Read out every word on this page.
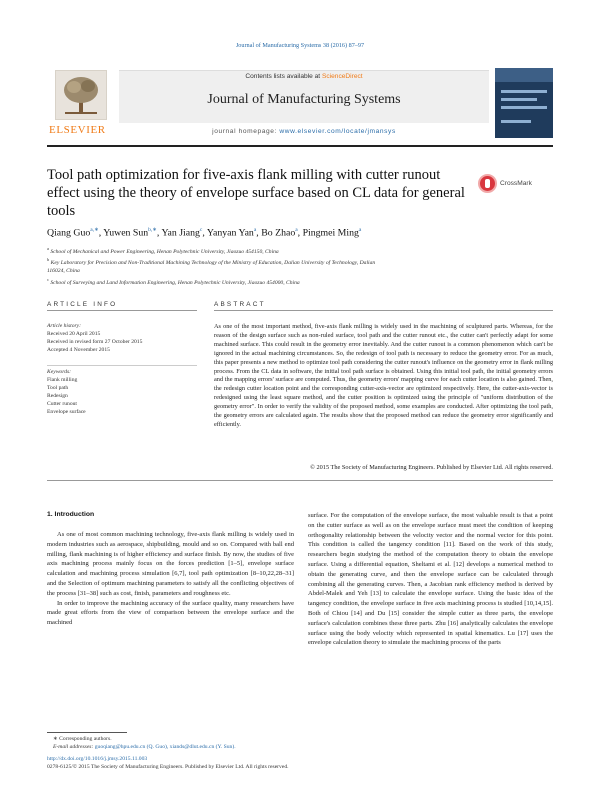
Journal of Manufacturing Systems 38 (2016) 87–97
ELSEVIER
Contents lists available at ScienceDirect
Journal of Manufacturing Systems
journal homepage: www.elsevier.com/locate/jmansys
Tool path optimization for five-axis flank milling with cutter runout effect using the theory of envelope surface based on CL data for general tools
CrossMark
Qiang Guo$^{a,∗}$, Yuwen Sun$^{b,∗}$, Yan Jiang$^c$, Yanyan Yan$^a$, Bo Zhao$^a$, Pingmei Ming$^a$
$^a$ School of Mechanical and Power Engineering, Henan Polytechnic University, Jiaozuo 454150, China
$^b$ Key Laboratory for Precision and Non-Traditional Machining Technology of the Ministry of Education, Dalian University of Technology, Dalian 116024, China
$^c$ School of Surveying and Land Information Engineering, Henan Polytechnic University, Jiaozuo 454000, China
ARTICLE INFO	ABSTRACT
Article history:
Received 20 April 2015
Received in revised form 27 October 2015
Accepted 4 November 2015
Keywords:
Flank milling
Tool path
Redesign
Cutter runout
Envelope surface
As one of the most important method, five-axis flank milling is widely used in the machining of sculptured parts. Whereas, for the reason of the design surface such as non-ruled surface, tool path and the cutter runout etc., the cutter can't perfectly adapt for some machined surface. This could result in the geometry error inevitably. And the cutter runout is a common phenomenon which can't be ignored in the actual machining circumstances. So, the redesign of tool path is necessary to reduce the geometry error. For as much, this paper presents a new method to optimize tool path considering the cutter runout's influence on the geometry error in flank milling process. From the CL data in software, the initial tool path surface is obtained. Using this initial tool path, the initial geometry errors and the mapping errors' surface are computed. Thus, the geometry errors' mapping curve for each cutter location is also gained. Then, the redesign cutter location point and the corresponding cutter-axis-vector are optimized respectively. Here, the cutter-axis-vector is redesigned using the least square method, and the cutter position is optimized using the principle of "uniform distribution of the geometry error". In order to verify the validity of the proposed method, some examples are conducted. After optimizing the tool path, the geometry errors are calculated again. The results show that the proposed method can reduce the geometry error significantly and efficiently.
© 2015 The Society of Manufacturing Engineers. Published by Elsevier Ltd. All rights reserved.
1. Introduction

As one of most common machining technology, five-axis flank milling is widely used in modern industries such as aerospace, shipbuilding, mould and so on. Compared with ball end milling, flank machining is of higher efficiency and surface finish. By now, the studies of five axis machining process mainly focus on the forces prediction [1–5], envelope surface calculation and machining process simulation [6,7], tool path optimization [8–10,22,28–31] and the Selection of optimum machining parameters to satisfy all the conflicting objectives of the process [31–38] such as cost, finish, parameters and roughness etc.

In order to improve the machining accuracy of the surface quality, many researchers have made great efforts from the view of comparison between the envelope surface and the machined

surface. For the computation of the envelope surface, the most valuable result is that a point on the cutter surface as well as on the envelope surface must meet the condition of keeping orthogonality relationship between the velocity vector and the normal vector for this point. This condition is called the tangency condition [11]. Based on the work of this study, researchers begin studying the method of the computation theory to obtain the envelope surface. Using a differential equation, Sheltami et al. [12] develops a numerical method to obtain the generating curve, and then the envelope surface can be calculated through combining all the generating curves. Then, a Jacobian rank efficiency method is derived by Abdel-Malek and Yeh [13] to calculate the envelope surface. Using the basic idea of the tangency condition, the envelope surface in five axis machining process is studied [10,14,15]. Both of Chiou [14] and Du [15] consider the simple cutter as three parts, the envelope surface's calculation combines these three parts. Zhu [16] analytically calculates the envelope surface using the body velocity which represented in spatial kinematics. Lu [17] uses the envelope calculation theory to simulate the machining process of the parts
∗ Corresponding authors.
E-mail addresses: guoqiang@hpu.edu.cn (Q. Guo), xiands@dlut.edu.cn (Y. Sun).
http://dx.doi.org/10.1016/j.jmsy.2015.11.003
0278-6125/© 2015 The Society of Manufacturing Engineers. Published by Elsevier Ltd. All rights reserved.
